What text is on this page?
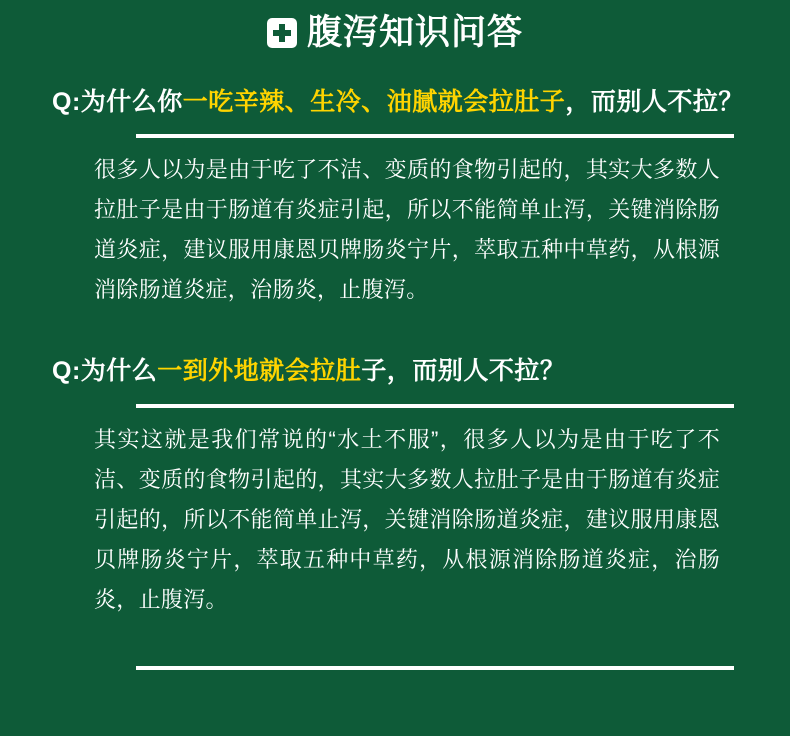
腹泻知识问答

Q:为什么你一吃辛辣、生冷、油腻就会拉肚子，而别人不拉？

很多人以为是由于吃了不洁、变质的食物引起的，其实大多数人拉肚子是由于肠道有炎症引起，所以不能简单止泻，关键消除肠道炎症，建议服用康恩贝牌肠炎宁片，萃取五种中草药，从根源消除肠道炎症，治肠炎，止腹泻。

Q:为什么一到外地就会拉肚子，而别人不拉？

其实这就是我们常说的“水土不服”，很多人以为是由于吃了不洁、变质的食物引起的，其实大多数人拉肚子是由于肠道有炎症引起的，所以不能简单止泻，关键消除肠道炎症，建议服用康恩贝牌肠炎宁片，萃取五种中草药，从根源消除肠道炎症，治肠炎，止腹泻。
